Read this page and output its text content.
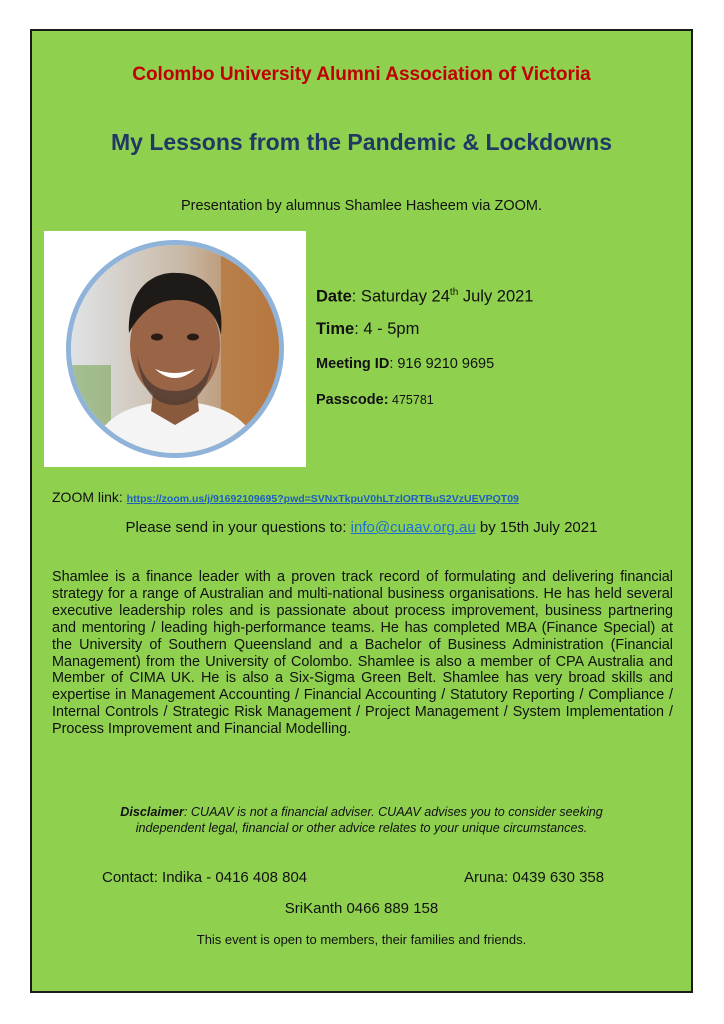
Colombo University Alumni Association of Victoria
My Lessons from the Pandemic & Lockdowns
Presentation by alumnus Shamlee Hasheem via ZOOM.
Date: Saturday 24th July 2021
Time: 4 - 5pm
Meeting ID: 916 9210 9695
Passcode: 475781
ZOOM link: https://zoom.us/j/91692109695?pwd=SVNxTkpuV0hLTzlORTBuS2VzUEVPQT09
Please send in your questions to: info@cuaav.org.au by 15th July 2021

Shamlee is a finance leader with a proven track record of formulating and delivering financial strategy for a range of Australian and multi-national business organisations. He has held several executive leadership roles and is passionate about process improvement, business partnering and mentoring / leading high-performance teams. He has completed MBA (Finance Special) at the University of Southern Queensland and a Bachelor of Business Administration (Financial Management) from the University of Colombo. Shamlee is also a member of CPA Australia and Member of CIMA UK. He is also a Six-Sigma Green Belt. Shamlee has very broad skills and expertise in Management Accounting / Financial Accounting / Statutory Reporting / Compliance / Internal Controls / Strategic Risk Management / Project Management / System Implementation / Process Improvement and Financial Modelling.

Disclaimer: CUAAV is not a financial adviser. CUAAV advises you to consider seeking
independent legal, financial or other advice relates to your unique circumstances.
Contact: Indika - 0416 408 804	Aruna: 0439 630 358
SriKanth 0466 889 158
This event is open to members, their families and friends.
